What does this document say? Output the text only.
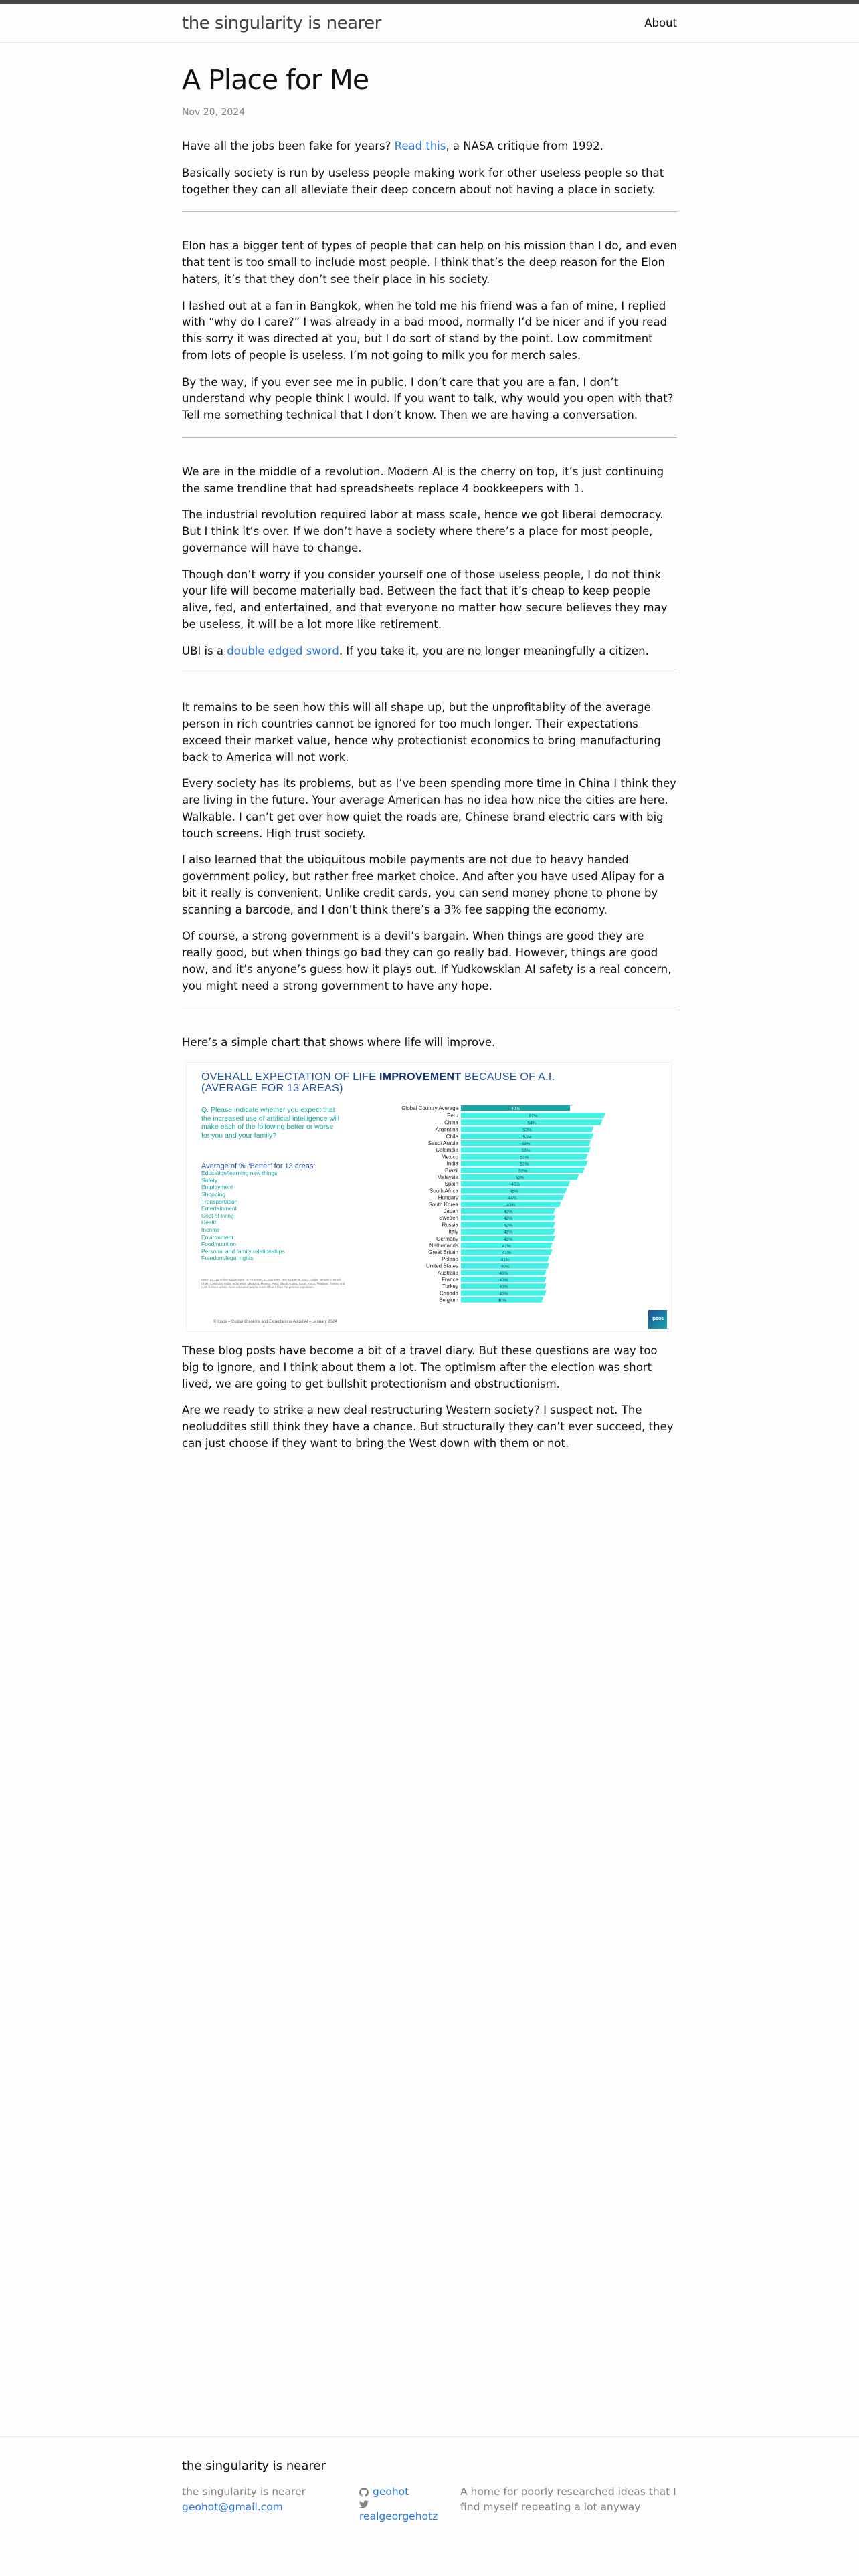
the singularity is nearer	About
A Place for Me
Nov 20, 2024

Have all the jobs been fake for years? Read this, a NASA critique from 1992.

Basically society is run by useless people making work for other useless people so that together they can all alleviate their deep concern about not having a place in society.

Elon has a bigger tent of types of people that can help on his mission than I do, and even that tent is too small to include most people. I think that’s the deep reason for the Elon haters, it’s that they don’t see their place in his society.

I lashed out at a fan in Bangkok, when he told me his friend was a fan of mine, I replied with “why do I care?” I was already in a bad mood, normally I’d be nicer and if you read this sorry it was directed at you, but I do sort of stand by the point. Low commitment from lots of people is useless. I’m not going to milk you for merch sales.

By the way, if you ever see me in public, I don’t care that you are a fan, I don’t understand why people think I would. If you want to talk, why would you open with that? Tell me something technical that I don’t know. Then we are having a conversation.

We are in the middle of a revolution. Modern AI is the cherry on top, it’s just continuing the same trendline that had spreadsheets replace 4 bookkeepers with 1.

The industrial revolution required labor at mass scale, hence we got liberal democracy. But I think it’s over. If we don’t have a society where there’s a place for most people, governance will have to change.

Though don’t worry if you consider yourself one of those useless people, I do not think your life will become materially bad. Between the fact that it’s cheap to keep people alive, fed, and entertained, and that everyone no matter how secure believes they may be useless, it will be a lot more like retirement.

UBI is a double edged sword. If you take it, you are no longer meaningfully a citizen.

It remains to be seen how this will all shape up, but the unprofitablity of the average person in rich countries cannot be ignored for too much longer. Their expectations exceed their market value, hence why protectionist economics to bring manufacturing back to America will not work.

Every society has its problems, but as I’ve been spending more time in China I think they are living in the future. Your average American has no idea how nice the cities are here. Walkable. I can’t get over how quiet the roads are, Chinese brand electric cars with big touch screens. High trust society.

I also learned that the ubiquitous mobile payments are not due to heavy handed government policy, but rather free market choice. And after you have used Alipay for a bit it really is convenient. Unlike credit cards, you can send money phone to phone by scanning a barcode, and I don’t think there’s a 3% fee sapping the economy.

Of course, a strong government is a devil’s bargain. When things are good they are really good, but when things go bad they can go really bad. However, things are good now, and it’s anyone’s guess how it plays out. If Yudkowskian AI safety is a real concern, you might need a strong government to have any hope.

Here’s a simple chart that shows where life will improve.

OVERALL EXPECTATION OF LIFE IMPROVEMENT BECAUSE OF A.I.
(AVERAGE FOR 13 AREAS)
Q. Please indicate whether you expect that the increased use of artificial intelligence will make each of the following better or worse for you and your family?
Average of % “Better” for 13 areas:
Education/learning new things
Safety
Employment
Shopping
Transportation
Entertainment
Cost of living
Health
Income
Environment
Food/nutrition
Personal and family relationships
Freedom/legal rights
Base: 23,216 online adults aged 16-74 across 31 countries, Nov 24-Dec 8, 2023. Online sample in Brazil, Chile, Colombia, India, Indonesia, Malaysia, Mexico, Peru, Saudi Arabia, South Africa, Thailand, Turkey and UAE is more urban, more educated and/or more affluent than the general population.
© Ipsos – Global Opinions and Expectations About AI – January 2024
Ipsos
Global Country Average	40%
Peru	57%
China	54%
Argentina	53%
Chile	53%
Saudi Arabia	53%
Colombia	53%
Mexico	52%
India	52%
Brazil	52%
Malaysia	52%
Spain	45%
South Africa	45%
Hungary	44%
South Korea	43%
Japan	43%
Sweden	42%
Russia	42%
Italy	42%
Germany	42%
Netherlands	42%
Great Britain	41%
Poland	41%
United States	40%
Australia	40%
France	40%
Turkey	40%
Canada	40%
Belgium	40%

These blog posts have become a bit of a travel diary. But these questions are way too big to ignore, and I think about them a lot. The optimism after the election was short lived, we are going to get bullshit protectionism and obstructionism.

Are we ready to strike a new deal restructuring Western society? I suspect not. The neoluddites still think they have a chance. But structurally they can’t ever succeed, they can just choose if they want to bring the West down with them or not.

the singularity is nearer
the singularity is nearer
geohot@gmail.com
geohot
realgeorgehotz
A home for poorly researched ideas that I find myself repeating a lot anyway
